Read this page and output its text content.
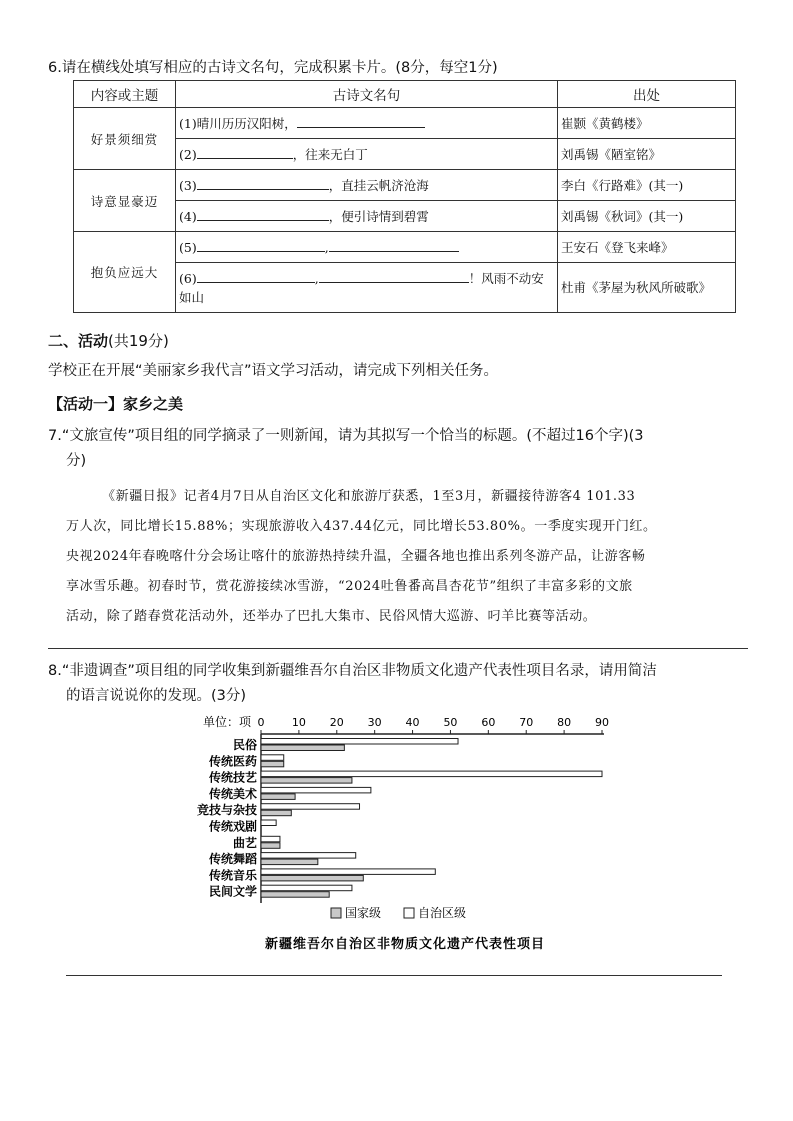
6.请在横线处填写相应的古诗文名句，完成积累卡片。(8分，每空1分)
内容或主题	古诗文名句	出处
好景须细赏	(1)晴川历历汉阳树，	崔颢《黄鹤楼》
	(2) ，往来无白丁	刘禹锡《陋室铭》
诗意显豪迈	(3) ，直挂云帆济沧海	李白《行路难》(其一)
	(4) ，便引诗情到碧霄	刘禹锡《秋词》(其一)
抱负应远大	(5) ,	王安石《登飞来峰》
	(6) , ！风雨不动安如山	杜甫《茅屋为秋风所破歌》
二、活动(共19分)
学校正在开展“美丽家乡我代言”语文学习活动，请完成下列相关任务。
【活动一】家乡之美
7.“文旅宣传”项目组的同学摘录了一则新闻，请为其拟写一个恰当的标题。(不超过16个字)(3
分)
《新疆日报》记者4月7日从自治区文化和旅游厅获悉，1至3月，新疆接待游客4 101.33
万人次，同比增长15.88%；实现旅游收入437.44亿元，同比增长53.80%。一季度实现开门红。
央视2024年春晚喀什分会场让喀什的旅游热持续升温，全疆各地也推出系列冬游产品，让游客畅
享冰雪乐趣。初春时节，赏花游接续冰雪游，“2024吐鲁番高昌杏花节”组织了丰富多彩的文旅
活动，除了踏春赏花活动外，还举办了巴扎大集市、民俗风情大巡游、叼羊比赛等活动。
8.“非遗调查”项目组的同学收集到新疆维吾尔自治区非物质文化遗产代表性项目名录，请用简洁
的语言说说你的发现。(3分)
单位：项 0 10 20 30 40 50 60 70 80 90
民俗
传统医药
传统技艺
传统美术
竞技与杂技
传统戏剧
曲艺
传统舞蹈
传统音乐
民间文学
国家级	自治区级
新疆维吾尔自治区非物质文化遗产代表性项目
